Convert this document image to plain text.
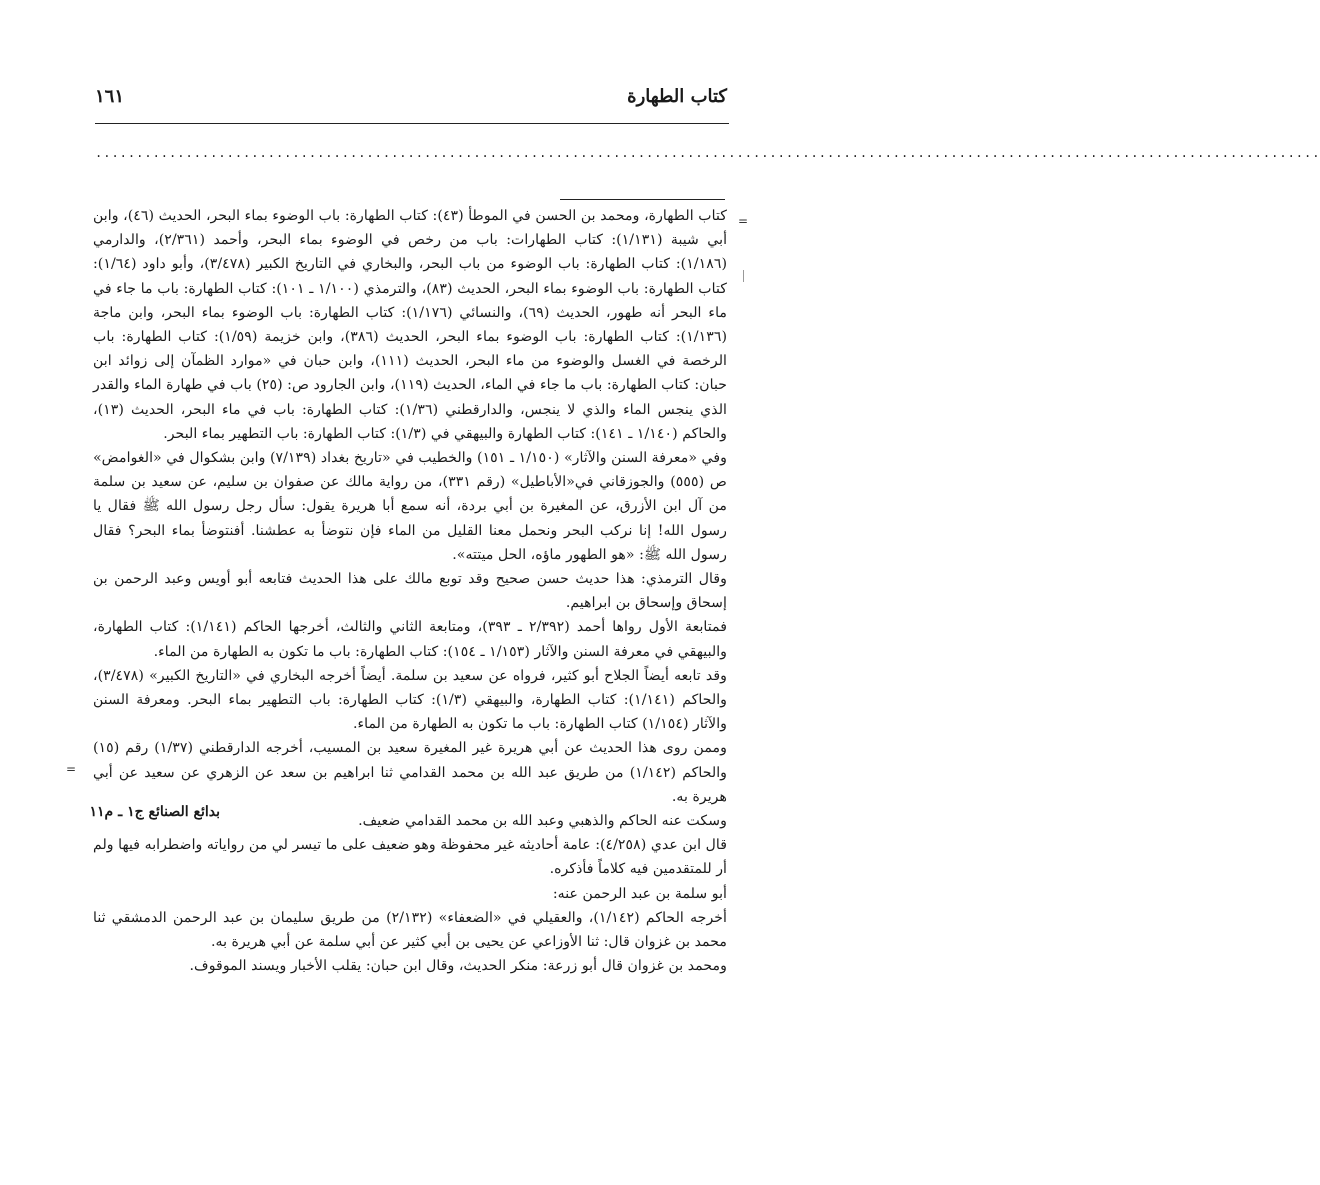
كتاب الطهارة
١٦١
.....................................................................................................................................................
=

كتاب الطهارة، ومحمد بن الحسن في الموطأ (٤٣): كتاب الطهارة: باب الوضوء بماء البحر، الحديث (٤٦)، وابن أبي شيبة (١/١٣١): كتاب الطهارات: باب من رخص في الوضوء بماء البحر، وأحمد (٢/٣٦١)، والدارمي (١/١٨٦): كتاب الطهارة: باب الوضوء من باب البحر، والبخاري في التاريخ الكبير (٣/٤٧٨)، وأبو داود (١/٦٤): كتاب الطهارة: باب الوضوء بماء البحر، الحديث (٨٣)، والترمذي (١/١٠٠ ـ ١٠١): كتاب الطهارة: باب ما جاء في ماء البحر أنه طهور، الحديث (٦٩)، والنسائي (١/١٧٦): كتاب الطهارة: باب الوضوء بماء البحر، وابن ماجة (١/١٣٦): كتاب الطهارة: باب الوضوء بماء البحر، الحديث (٣٨٦)، وابن خزيمة (١/٥٩): كتاب الطهارة: باب الرخصة في الغسل والوضوء من ماء البحر، الحديث (١١١)، وابن حبان في «موارد الظمآن إلى زوائد ابن حبان: كتاب الطهارة: باب ما جاء في الماء، الحديث (١١٩)، وابن الجارود ص: (٢٥) باب في طهارة الماء والقدر الذي ينجس الماء والذي لا ينجس، والدارقطني (١/٣٦): كتاب الطهارة: باب في ماء البحر، الحديث (١٣)، والحاكم (١/١٤٠ ـ ١٤١): كتاب الطهارة والبيهقي في (١/٣): كتاب الطهارة: باب التطهير بماء البحر.

وفي «معرفة السنن والآثار» (١/١٥٠ ـ ١٥١) والخطيب في «تاريخ بغداد (٧/١٣٩) وابن بشكوال في «الغوامض» ص (٥٥٥) والجوزقاني في«الأباطيل» (رقم ٣٣١)، من رواية مالك عن صفوان بن سليم، عن سعيد بن سلمة من آل ابن الأزرق، عن المغيرة بن أبي بردة، أنه سمع أبا هريرة يقول: سأل رجل رسول الله ﷺ فقال يا رسول الله! إنا نركب البحر ونحمل معنا القليل من الماء فإن نتوضأ به عطشنا. أفنتوضأ بماء البحر؟ فقال رسول الله ﷺ: «هو الطهور ماؤه، الحل ميتته».

وقال الترمذي: هذا حديث حسن صحيح وقد توبع مالك على هذا الحديث فتابعه أبو أويس وعبد الرحمن بن إسحاق وإسحاق بن ابراهيم.

فمتابعة الأول رواها أحمد (٢/٣٩٢ ـ ٣٩٣)، ومتابعة الثاني والثالث، أخرجها الحاكم (١/١٤١): كتاب الطهارة، والبيهقي في معرفة السنن والآثار (١/١٥٣ ـ ١٥٤): كتاب الطهارة: باب ما تكون به الطهارة من الماء.

وقد تابعه أيضاً الجلاح أبو كثير، فرواه عن سعيد بن سلمة. أيضاً أخرجه البخاري في «التاريخ الكبير» (٣/٤٧٨)، والحاكم (١/١٤١): كتاب الطهارة، والبيهقي (١/٣): كتاب الطهارة: باب التطهير بماء البحر. ومعرفة السنن والآثار (١/١٥٤) كتاب الطهارة: باب ما تكون به الطهارة من الماء.

وممن روى هذا الحديث عن أبي هريرة غير المغيرة سعيد بن المسيب، أخرجه الدارقطني (١/٣٧) رقم (١٥) والحاكم (١/١٤٢) من طريق عبد الله بن محمد القدامي ثنا ابراهيم بن سعد عن الزهري عن سعيد عن أبي هريرة به.

وسكت عنه الحاكم والذهبي وعبد الله بن محمد القدامي ضعيف.

قال ابن عدي (٤/٢٥٨): عامة أحاديثه غير محفوظة وهو ضعيف على ما تيسر لي من رواياته واضطرابه فيها ولم أر للمتقدمين فيه كلاماً فأذكره.

أبو سلمة بن عبد الرحمن عنه:

أخرجه الحاكم (١/١٤٢)، والعقيلي في «الضعفاء» (٢/١٣٢) من طريق سليمان بن عبد الرحمن الدمشقي ثنا محمد بن غزوان قال: ثنا الأوزاعي عن يحيى بن أبي كثير عن أبي سلمة عن أبي هريرة به.

ومحمد بن غزوان قال أبو زرعة: منكر الحديث، وقال ابن حبان: يقلب الأخبار ويسند الموقوف.

=
بدائع الصنائع ج١ ـ م١١
